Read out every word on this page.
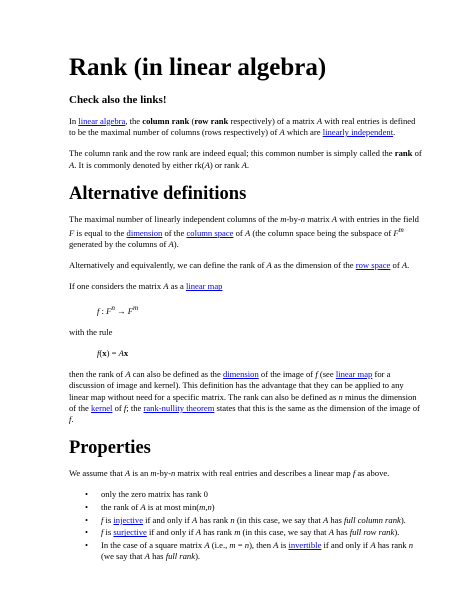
Rank (in linear algebra)
Check also the links!

In linear algebra, the column rank (row rank respectively) of a matrix A with real entries is defined to be the maximal number of columns (rows respectively) of A which are linearly independent.

The column rank and the row rank are indeed equal; this common number is simply called the rank of A. It is commonly denoted by either rk(A) or rank A.

Alternative definitions

The maximal number of linearly independent columns of the m-by-n matrix A with entries in the field F is equal to the dimension of the column space of A (the column space being the subspace of $F^m$ generated by the columns of A).

Alternatively and equivalently, we can define the rank of A as the dimension of the row space of A.

If one considers the matrix A as a linear map

f : $F^n \to F^m$

with the rule

f(x) = Ax

then the rank of A can also be defined as the dimension of the image of f (see linear map for a discussion of image and kernel). This definition has the advantage that they can be applied to any linear map without need for a specific matrix. The rank can also be defined as n minus the dimension of the kernel of f; the rank-nullity theorem states that this is the same as the dimension of the image of f.

Properties

We assume that A is an m-by-n matrix with real entries and describes a linear map f as above.

• only the zero matrix has rank 0
• the rank of A is at most min(m,n)
• f is injective if and only if A has rank n (in this case, we say that A has full column rank).
• f is surjective if and only if A has rank m (in this case, we say that A has full row rank).
• In the case of a square matrix A (i.e., m = n), then A is invertible if and only if A has rank n (we say that A has full rank).
